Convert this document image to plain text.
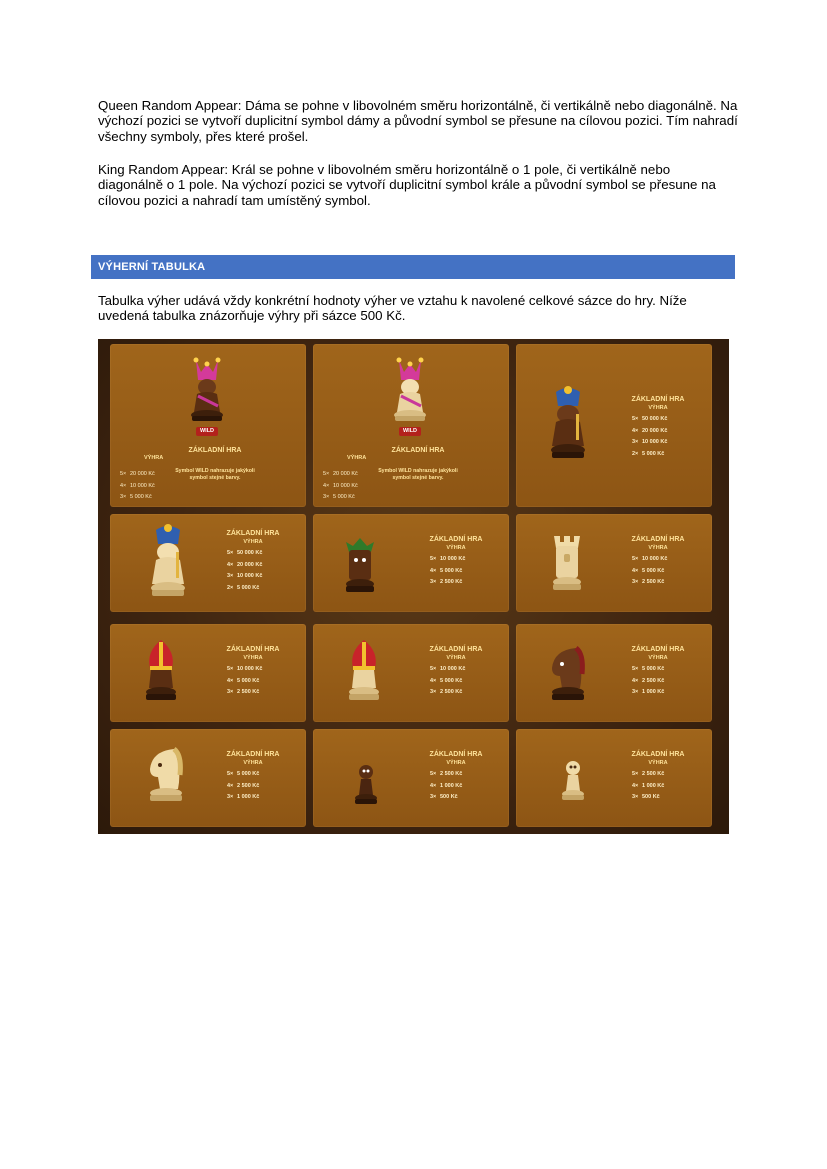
Queen Random Appear: Dáma se pohne v libovolném směru horizontálně, či vertikálně nebo diagonálně. Na výchozí pozici se vytvoří duplicitní symbol dámy a původní symbol se přesune na cílovou pozici. Tím nahradí všechny symboly, přes které prošel.

King Random Appear: Král se pohne v libovolném směru horizontálně o 1 pole, či vertikálně nebo diagonálně o 1 pole. Na výchozí pozici se vytvoří duplicitní symbol krále a původní symbol se přesune na cílovou pozici a nahradí tam umístěný symbol.

VÝHERNÍ TABULKA

Tabulka výher udává vždy konkrétní hodnoty výher ve vztahu k navolené celkové sázce do hry. Níže uvedená tabulka znázorňuje výhry při sázce 500 Kč.

WILD
VÝHRA
5× 20 000 Kč
4× 10 000 Kč
3× 5 000 Kč
ZÁKLADNÍ HRA
Symbol WILD nahrazuje jakýkoli symbol stejné barvy.
WILD
VÝHRA
5× 20 000 Kč
4× 10 000 Kč
3× 5 000 Kč
ZÁKLADNÍ HRA
Symbol WILD nahrazuje jakýkoli symbol stejné barvy.
ZÁKLADNÍ HRA
VÝHRA
5× 50 000 Kč
4× 20 000 Kč
3× 10 000 Kč
2× 5 000 Kč
ZÁKLADNÍ HRA
VÝHRA
5× 50 000 Kč
4× 20 000 Kč
3× 10 000 Kč
2× 5 000 Kč
ZÁKLADNÍ HRA
VÝHRA
5× 10 000 Kč
4× 5 000 Kč
3× 2 500 Kč
ZÁKLADNÍ HRA
VÝHRA
5× 10 000 Kč
4× 5 000 Kč
3× 2 500 Kč
ZÁKLADNÍ HRA
VÝHRA
5× 10 000 Kč
4× 5 000 Kč
3× 2 500 Kč
ZÁKLADNÍ HRA
VÝHRA
5× 10 000 Kč
4× 5 000 Kč
3× 2 500 Kč
ZÁKLADNÍ HRA
VÝHRA
5× 5 000 Kč
4× 2 500 Kč
3× 1 000 Kč
ZÁKLADNÍ HRA
VÝHRA
5× 5 000 Kč
4× 2 500 Kč
3× 1 000 Kč
ZÁKLADNÍ HRA
VÝHRA
5× 2 500 Kč
4× 1 000 Kč
3× 500 Kč
ZÁKLADNÍ HRA
VÝHRA
5× 2 500 Kč
4× 1 000 Kč
3× 500 Kč
